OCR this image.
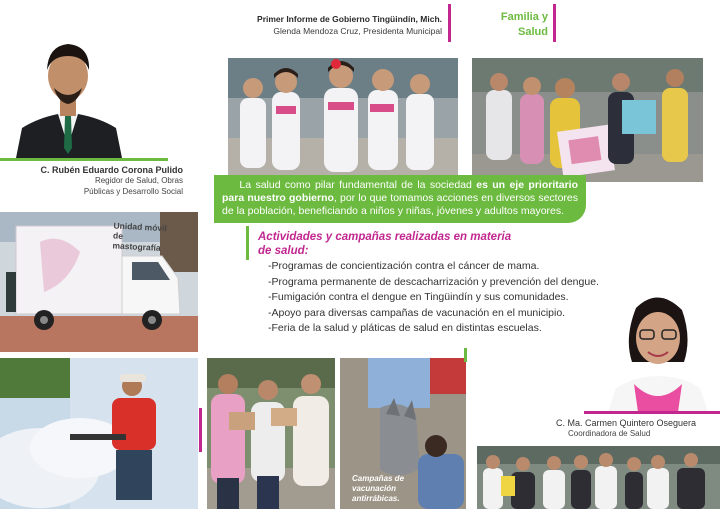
Primer Informe de Gobierno Tingüindín, Mich.
Glenda Mendoza Cruz, Presidenta Municipal
Familia y
Salud
C. Rubén Eduardo Corona Pulido
Regidor de Salud, Obras
Públicas y Desarrollo Social
La salud como pilar fundamental de la sociedad es un eje prioritario para nuestro gobierno, por lo que tomamos acciones en diversos sectores de la población, beneficiando a niños y niñas, jóvenes y adultos mayores.
Actividades y campañas realizadas en materia
de salud:
-Programas de concientización contra el cáncer de mama.
-Programa permanente de descacharrización y prevención del dengue.
-Fumigación contra el dengue en Tingüindín y sus comunidades.
-Apoyo para diversas campañas de vacunación en el municipio.
-Feria de la salud y pláticas de salud en distintas escuelas.
Unidad móvil
de mastografía
Campañas de
vacunación
antirrábicas.
C. Ma. Carmen Quintero Oseguera
Coordinadora de Salud
